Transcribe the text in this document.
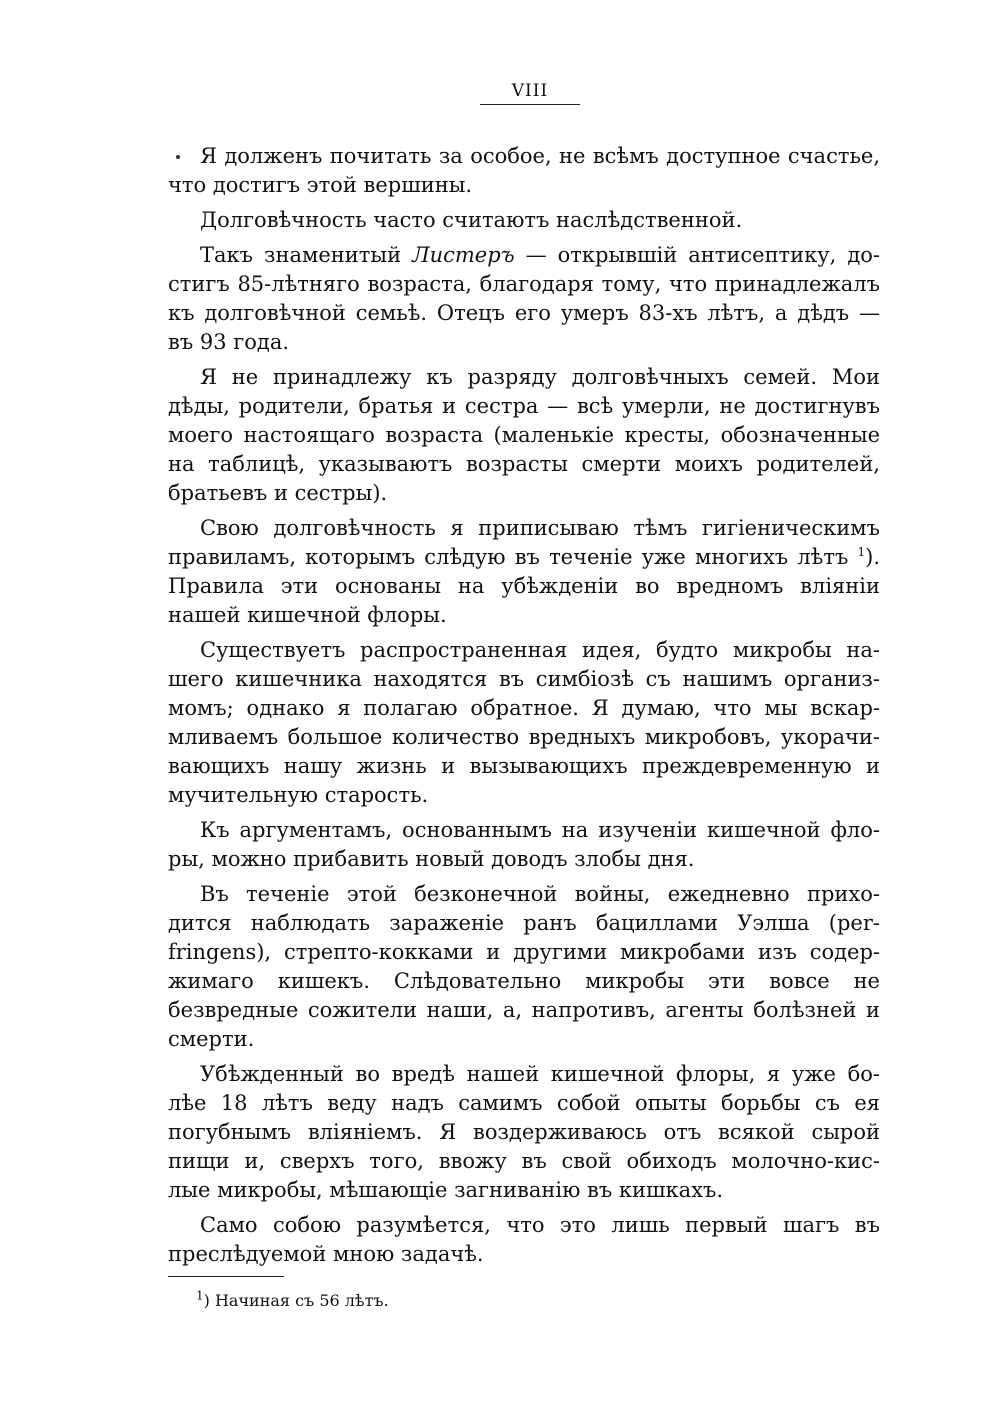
VIII

Я долженъ почитать за особое, не всѣмъ доступное счастье,
что достигъ этой вершины.

Долговѣчность часто считаютъ наслѣдственной.

Такъ знаменитый Листеръ — открывшій антисептику, до-
стигъ 85-лѣтняго возраста, благодаря тому, что принадлежалъ
къ долговѣчной семьѣ. Отецъ его умеръ 83-хъ лѣтъ, а дѣдъ —
въ 93 года.

Я не принадлежу къ разряду долговѣчныхъ семей. Мои
дѣды, родители, братья и сестра — всѣ умерли, не достигнувъ
моего настоящаго возраста (маленькіе кресты, обозначенные
на таблицѣ, указываютъ возрасты смерти моихъ родителей,
братьевъ и сестры).

Свою долговѣчность я приписываю тѣмъ гигіеническимъ
правиламъ, которымъ слѣдую въ теченіе уже многихъ лѣтъ $^1$).
Правила эти основаны на убѣжденіи во вредномъ вліяніи
нашей кишечной флоры.

Существуетъ распространенная идея, будто микробы на-
шего кишечника находятся въ симбіозѣ съ нашимъ организ-
момъ; однако я полагаю обратное. Я думаю, что мы вскар-
мливаемъ большое количество вредныхъ микробовъ, укорачи-
вающихъ нашу жизнь и вызывающихъ преждевременную и
мучительную старость.

Къ аргументамъ, основаннымъ на изученіи кишечной фло-
ры, можно прибавить новый доводъ злобы дня.

Въ теченіе этой безконечной войны, ежедневно прихо-
дится наблюдать зараженіе ранъ бациллами Уэлша (per-
fringens), стрепто-кокками и другими микробами изъ содер-
жимаго кишекъ. Слѣдовательно микробы эти вовсе не
безвредные сожители наши, а, напротивъ, агенты болѣзней и
смерти.

Убѣжденный во вредѣ нашей кишечной флоры, я уже бо-
лѣе 18 лѣтъ веду надъ самимъ собой опыты борьбы съ ея
погубнымъ вліяніемъ. Я воздерживаюсь отъ всякой сырой
пищи и, сверхъ того, ввожу въ свой обиходъ молочно-кис-
лые микробы, мѣшающіе загниванію въ кишкахъ.

Само собою разумѣется, что это лишь первый шагъ въ
преслѣдуемой мною задачѣ.

$^1$) Начиная съ 56 лѣтъ.
